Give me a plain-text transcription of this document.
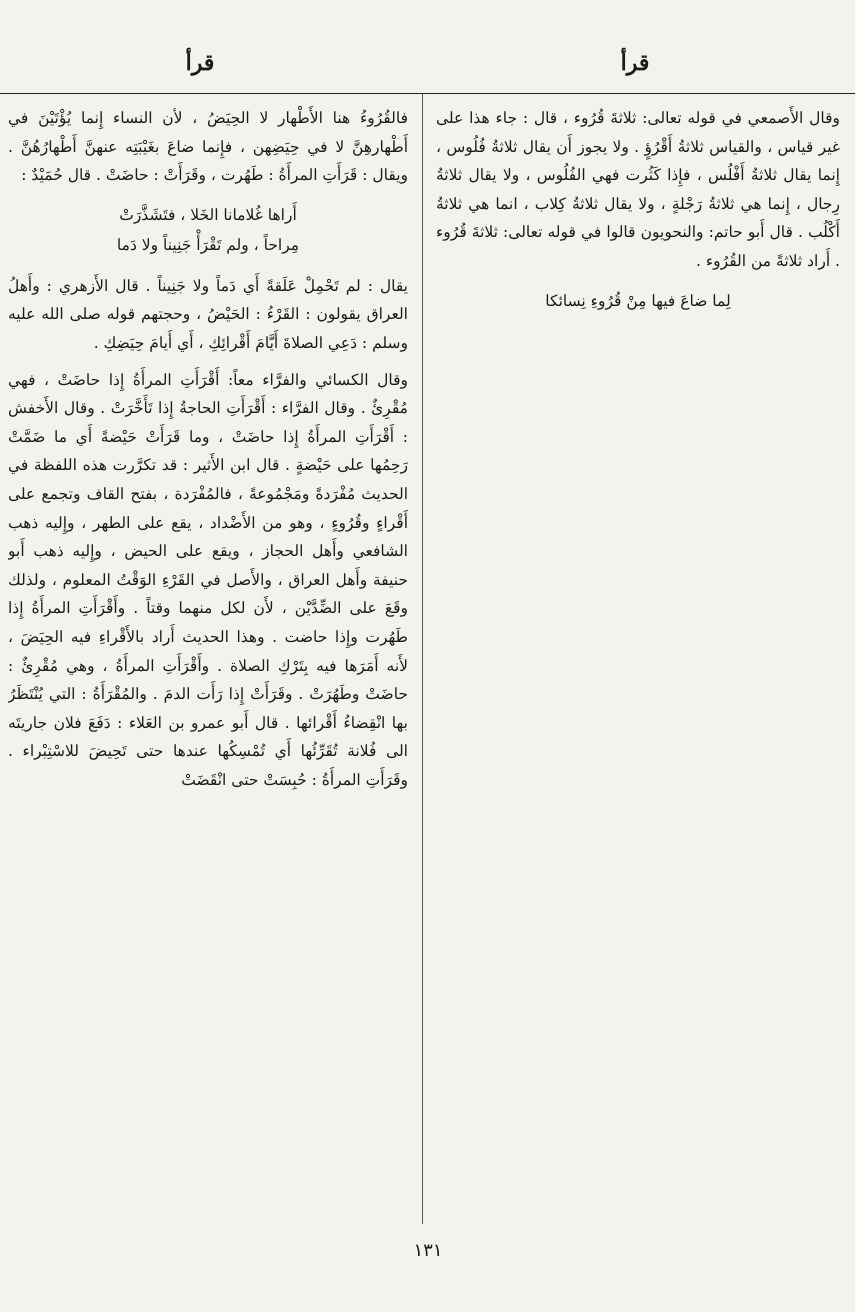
قرأ
قرأ

وقال الأَصمعي في قوله تعالى: ثلاثةَ قُرُوء ، قال : جاء هذا على غير قياس ، والقياس ثلاثةُ أَقْرُؤٍ . ولا يجوز أَن يقال ثلاثةُ فُلُوس ، إِنما يقال ثلاثةُ أَفْلُس ، فإِذا كَثُرت فهي الفُلُوس ، ولا يقال ثلاثةُ رِجال ، إِنما هي ثلاثةُ رَجْلةٍ ، ولا يقال ثلاثةُ كِلاب ، انما هي ثلاثةُ أَكْلُب . قال أَبو حاتم: والنحويون قالوا في قوله تعالى: ثلاثةَ قُرُوء . أَراد ثلاثةً من القُرُوء .

لِما ضاعَ فيها مِنْ قُرُوءِ نِسائكا

فالقُرُوءُ هنا الأَطْهار لا الحِيَضُ ، لأن النساء إِنما يُؤْتَيْنَ في أَطْهارهِنَّ لا في حِيَضِهن ، فإِنما ضاعَ بغَيْبَتِه عنهنَّ أَطْهارُهُنَّ . ويقال : قَرَأَتِ المرأَةُ : طَهُرت ، وقَرَأَتْ : حاضَتْ . قال حُمَيْدٌ :

أَراها غُلامانا الخَلا ، فتَشَذَّرَتْ
مِراحاً ، ولم تَقْرَأْ جَنِيناً ولا دَما

يقال : لم تَحْمِلْ عَلَقةً أَي دَماً ولا جَنِيناً . قال الأَزهري : وأَهلُ العراق يقولون : القَرْءُ : الحَيْضُ ، وحجتهم قوله صلى الله عليه وسلم : دَعِي الصلاةَ أَيَّامَ أَقْرائِكِ ، أَي أَيامَ حِيَضِكِ .

وقال الكسائي والفرَّاء معاً: أَقْرَأَتِ المرأَةُ إِذا حاضَتْ ، فهي مُقْرِئٌ . وقال الفرَّاء : أَقْرَأَتِ الحاجةُ إِذا تَأَخَّرَتْ . وقال الأَخفش : أَقْرَأَتِ المرأَةُ إِذا حاضَتْ ، وما قَرَأَتْ حَيْضةً أَي ما ضَمَّتْ رَحِمُها على حَيْضةٍ . قال ابن الأَثير : قد تكرَّرت هذه اللفظة في الحديث مُفْرَدةً ومَجْمُوعةً ، فالمُفْرَدة ، بفتح القاف وتجمع على أَقْراءٍ وقُرُوءٍ ، وهو من الأَضْداد ، يقع على الطهر ، وإِليه ذهب الشافعي وأَهل الحجاز ، ويقع على الحيض ، وإِليه ذهب أَبو حنيفة وأَهل العراق ، والأَصل في القَرْءِ الوَقْتُ المعلوم ، ولذلك وقَعَ على الضِّدَّيْن ، لأَن لكل منهما وقتاً . وأَقْرَأَتِ المرأَةُ إِذا طَهُرت وإِذا حاضت . وهذا الحديث أَراد بالأَقْراءِ فيه الحِيَضَ ، لأَنه أَمَرَها فيه بِتَرْكِ الصلاة . وأَقْرَأَتِ المرأَةُ ، وهي مُقْرِئٌ : حاضَتْ وطَهُرَتْ . وقَرَأَتْ إِذا رَأَت الدمَ . والمُقْرَأَةُ : التي يُنْتَظَرُ بها انْقِضاءُ أَقْرائها . قال أَبو عمرو بن العَلاء : دَفَعَ فلان جاريتَه الى فُلانة تُقَرِّئُها أَي تُمْسِكُها عندها حتى تَحِيضَ للاسْتِبْراء . وقَرَأَتِ المرأَةُ : حُبِسَتْ حتى انْقَضَتْ

١٣١
